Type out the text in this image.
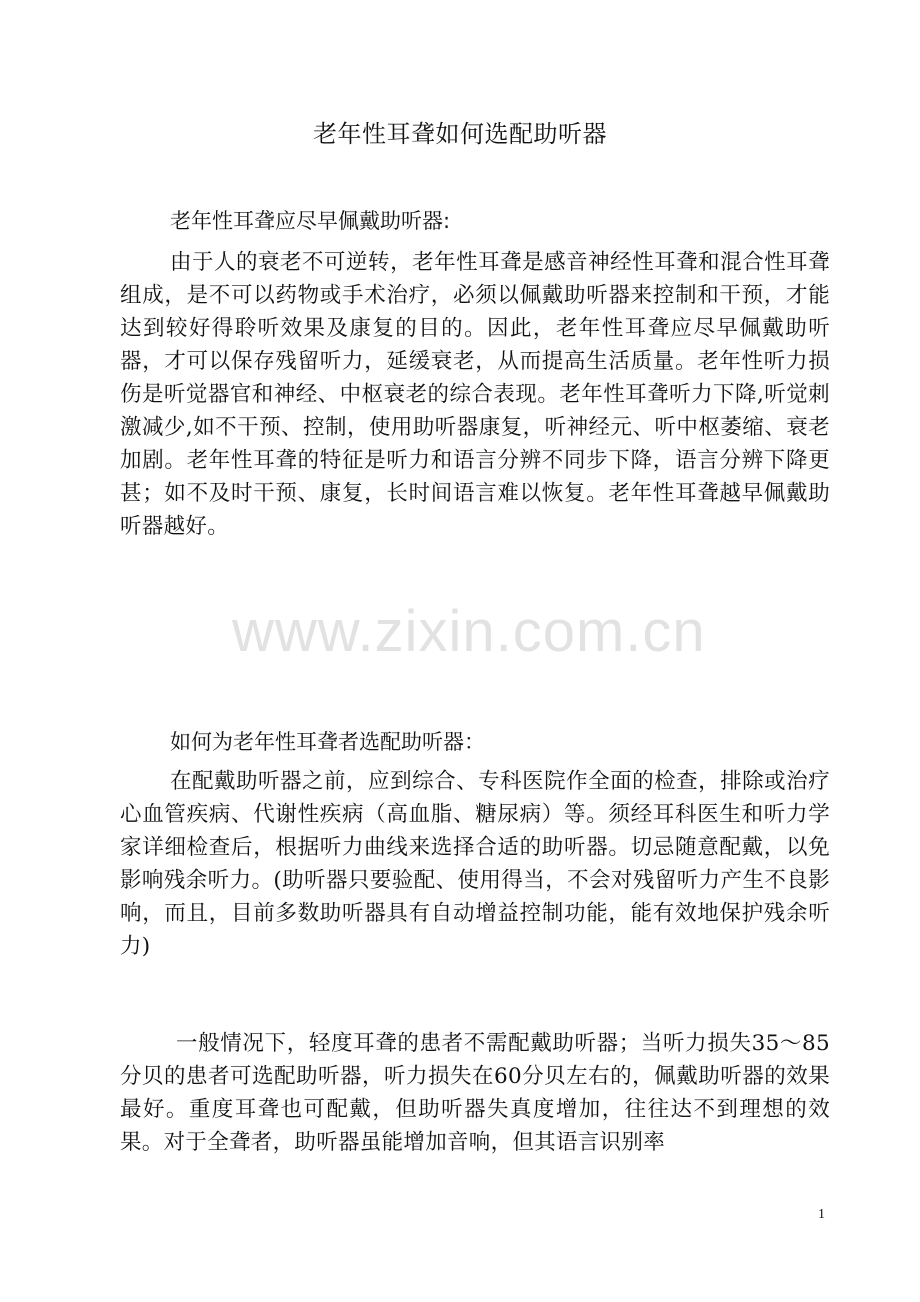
老年性耳聋如何选配助听器
老年性耳聋应尽早佩戴助听器:

由于人的衰老不可逆转，老年性耳聋是感音神经性耳聋和混合性耳聋组成，是不可以药物或手术治疗，必须以佩戴助听器来控制和干预，才能达到较好得聆听效果及康复的目的。因此，老年性耳聋应尽早佩戴助听器，才可以保存残留听力，延缓衰老，从而提高生活质量。老年性听力损伤是听觉器官和神经、中枢衰老的综合表现。老年性耳聋听力下降,听觉刺激减少,如不干预、控制，使用助听器康复，听神经元、听中枢萎缩、衰老加剧。老年性耳聋的特征是听力和语言分辨不同步下降，语言分辨下降更甚；如不及时干预、康复，长时间语言难以恢复。老年性耳聋越早佩戴助听器越好。

www.zixin.com.cn
如何为老年性耳聋者选配助听器：

在配戴助听器之前，应到综合、专科医院作全面的检查，排除或治疗心血管疾病、代谢性疾病（高血脂、糖尿病）等。须经耳科医生和听力学家详细检查后，根据听力曲线来选择合适的助听器。切忌随意配戴，以免影响残余听力。(助听器只要验配、使用得当，不会对残留听力产生不良影响，而且，目前多数助听器具有自动增益控制功能，能有效地保护残余听力)

一般情况下，轻度耳聋的患者不需配戴助听器；当听力损失35～85分贝的患者可选配助听器，听力损失在60分贝左右的，佩戴助听器的效果最好。重度耳聋也可配戴，但助听器失真度增加，往往达不到理想的效果。对于全聋者，助听器虽能增加音响，但其语言识别率

1
